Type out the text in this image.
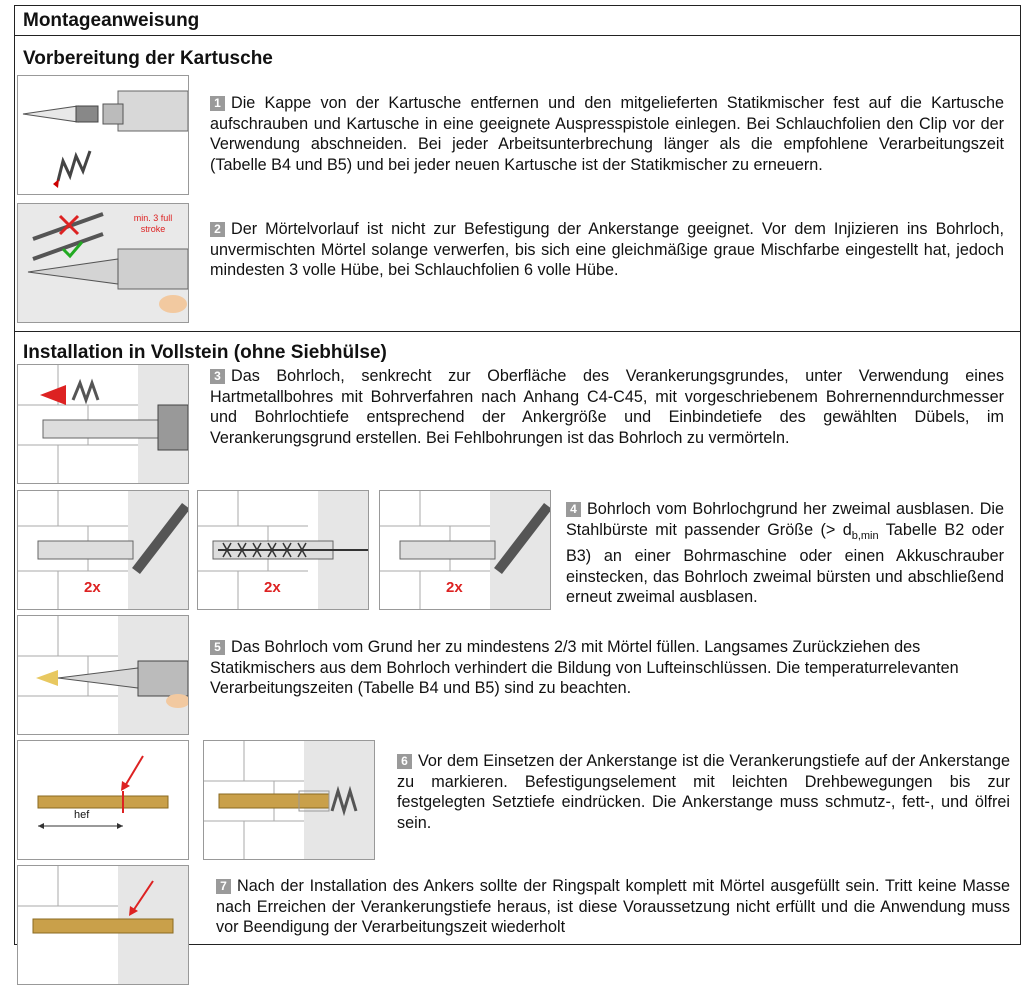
Montageanweisung
Vorbereitung der Kartusche
1 Die Kappe von der Kartusche entfernen und den mitgelieferten Statikmischer fest auf die Kartusche aufschrauben und Kartusche in eine geeignete Auspresspistole einlegen. Bei Schlauchfolien den Clip vor der Verwendung abschneiden. Bei jeder Arbeitsunterbrechung länger als die empfohlene Verarbeitungszeit (Tabelle B4 und B5) und bei jeder neuen Kartusche ist der Statikmischer zu erneuern.
min. 3 full
stroke	2 Der Mörtelvorlauf ist nicht zur Befestigung der Ankerstange geeignet. Vor dem Injizieren ins Bohrloch, unvermischten Mörtel solange verwerfen, bis sich eine gleichmäßige graue Mischfarbe eingestellt hat, jedoch mindesten 3 volle Hübe, bei Schlauchfolien 6 volle Hübe.
Installation in Vollstein (ohne Siebhülse)
3 Das Bohrloch, senkrecht zur Oberfläche des Verankerungsgrundes, unter Verwendung eines Hartmetallbohres mit Bohrverfahren nach Anhang C4-C45, mit vorgeschriebenem Bohrernenndurchmesser und Bohrlochtiefe entsprechend der Ankergröße und Einbindetiefe des gewählten Dübels, im Verankerungsgrund erstellen. Bei Fehlbohrungen ist das Bohrloch zu vermörteln.
2x	2x	2x
4 Bohrloch vom Bohrlochgrund her zweimal ausblasen. Die Stahlbürste mit passender Größe (> $d_{b,min}$ Tabelle B2 oder B3) an einer Bohrmaschine oder einen Akkuschrauber einstecken, das Bohrloch zweimal bürsten und abschließend erneut zweimal ausblasen.
5 Das Bohrloch vom Grund her zu mindestens 2/3 mit Mörtel füllen. Langsames Zurückziehen des Statikmischers aus dem Bohrloch verhindert die Bildung von Lufteinschlüssen. Die temperaturrelevanten Verarbeitungszeiten (Tabelle B4 und B5) sind zu beachten.
hef
6 Vor dem Einsetzen der Ankerstange ist die Verankerungstiefe auf der Ankerstange zu markieren. Befestigungselement mit leichten Drehbewegungen bis zur festgelegten Setztiefe eindrücken. Die Ankerstange muss schmutz-, fett-, und ölfrei sein.
7 Nach der Installation des Ankers sollte der Ringspalt komplett mit Mörtel ausgefüllt sein. Tritt keine Masse nach Erreichen der Verankerungstiefe heraus, ist diese Voraussetzung nicht erfüllt und die Anwendung muss vor Beendigung der Verarbeitungszeit wiederholt
